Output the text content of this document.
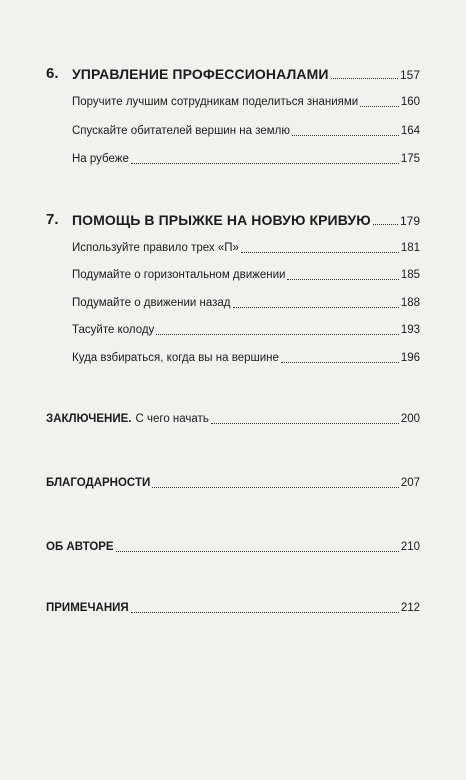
6. УПРАВЛЕНИЕ ПРОФЕССИОНАЛАМИ	157
Поручите лучшим сотрудникам поделиться знаниями	160
Спускайте обитателей вершин на землю	164
На рубеже	175
7. ПОМОЩЬ В ПРЫЖКЕ НА НОВУЮ КРИВУЮ 179
Используйте правило трех «П»	181
Подумайте о горизонтальном движении	185
Подумайте о движении назад	188
Тасуйте колоду	193
Куда взбираться, когда вы на вершине	196
ЗАКЛЮЧЕНИЕ. С чего начать	200
БЛАГОДАРНОСТИ	207
ОБ АВТОРЕ	210
ПРИМЕЧАНИЯ	212
